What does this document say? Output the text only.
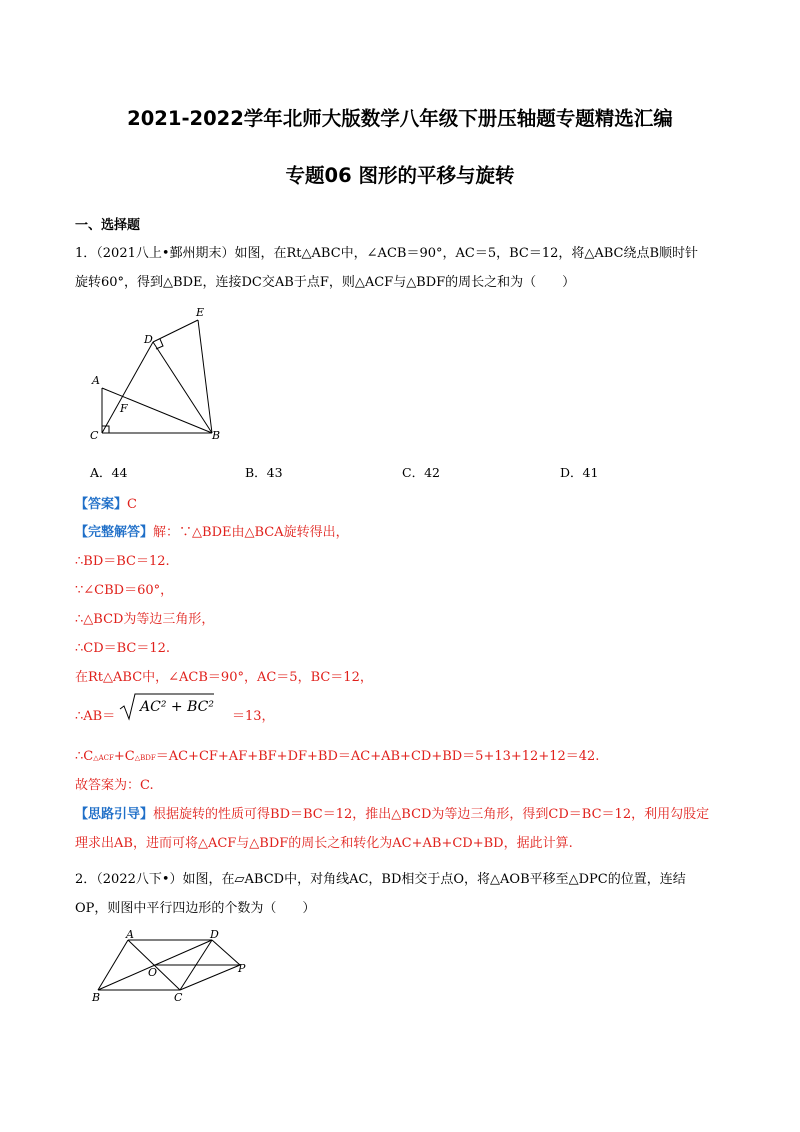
2021-2022学年北师大版数学八年级下册压轴题专题精选汇编
专题06 图形的平移与旋转
一、选择题
1．（2021八上•鄞州期末）如图，在Rt△ABC中，∠ACB＝90°，AC＝5，BC＝12，将△ABC绕点B顺时针
旋转60°，得到△BDE，连接DC交AB于点F，则△ACF与△BDF的周长之和为（　　）
E
D
A
F
C	B
A．44	B．43	C．42	D．41
【答案】C
【完整解答】解：∵△BDE由△BCA旋转得出，
∴BD＝BC＝12.
∵∠CBD＝60°，
∴△BCD为等边三角形，
∴CD＝BC＝12.
在Rt△ABC中，∠ACB＝90°，AC＝5，BC＝12，
∴AB＝
AC² + BC²
＝13，
∴C△ACF+C△BDF＝AC+CF+AF+BF+DF+BD＝AC+AB+CD+BD＝5+13+12+12＝42.
故答案为：C.
【思路引导】根据旋转的性质可得BD＝BC＝12，推出△BCD为等边三角形，得到CD＝BC＝12，利用勾股定
理求出AB，进而可将△ACF与△BDF的周长之和转化为AC+AB+CD+BD，据此计算.
2．（2022八下•）如图，在▱ABCD中，对角线AC，BD相交于点O，将△AOB平移至△DPC的位置，连结
OP，则图中平行四边形的个数为（　　）
A	D
O	P
B	C
